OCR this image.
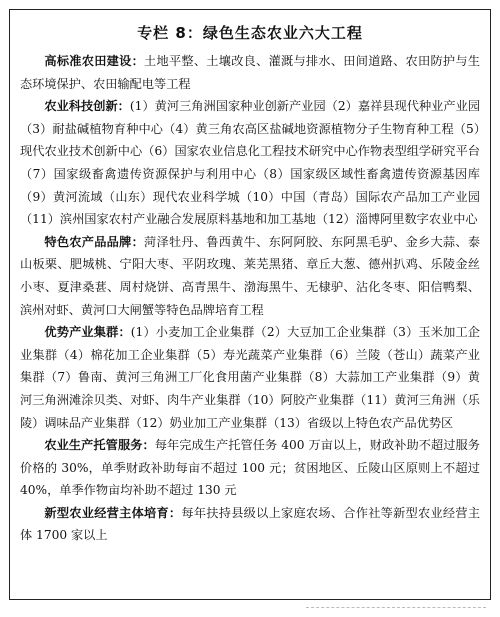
专栏 8：绿色生态农业六大工程

高标准农田建设：土地平整、土壤改良、灌溉与排水、田间道路、农田防护与生态环境保护、农田输配电等工程

农业科技创新：(1）黄河三角洲国家种业创新产业园（2）嘉祥县现代种业产业园（3）耐盐碱植物育种中心（4）黄三角农高区盐碱地资源植物分子生物育种工程（5）现代农业技术创新中心（6）国家农业信息化工程技术研究中心作物表型组学研究平台（7）国家级畜禽遗传资源保护与利用中心（8）国家级区域性畜禽遗传资源基因库（9）黄河流域（山东）现代农业科学城（10）中国（青岛）国际农产品加工产业园（11）滨州国家农村产业融合发展原料基地和加工基地（12）淄博阿里数字农业中心

特色农产品品牌：菏泽牡丹、鲁西黄牛、东阿阿胶、东阿黑毛驴、金乡大蒜、泰山板栗、肥城桃、宁阳大枣、平阴玫瑰、莱芜黑猪、章丘大葱、德州扒鸡、乐陵金丝小枣、夏津桑葚、周村烧饼、高青黑牛、渤海黑牛、无棣驴、沾化冬枣、阳信鸭梨、滨州对虾、黄河口大闸蟹等特色品牌培育工程

优势产业集群：(1）小麦加工企业集群（2）大豆加工企业集群（3）玉米加工企业集群（4）棉花加工企业集群（5）寿光蔬菜产业集群（6）兰陵（苍山）蔬菜产业集群（7）鲁南、黄河三角洲工厂化食用菌产业集群（8）大蒜加工产业集群（9）黄河三角洲滩涂贝类、对虾、肉牛产业集群（10）阿胶产业集群（11）黄河三角洲（乐陵）调味品产业集群（12）奶业加工产业集群（13）省级以上特色农产品优势区

农业生产托管服务：每年完成生产托管任务 400 万亩以上，财政补助不超过服务价格的 30%，单季财政补助每亩不超过 100 元；贫困地区、丘陵山区原则上不超过 40%，单季作物亩均补助不超过 130 元

新型农业经营主体培育：每年扶持县级以上家庭农场、合作社等新型农业经营主体 1700 家以上
